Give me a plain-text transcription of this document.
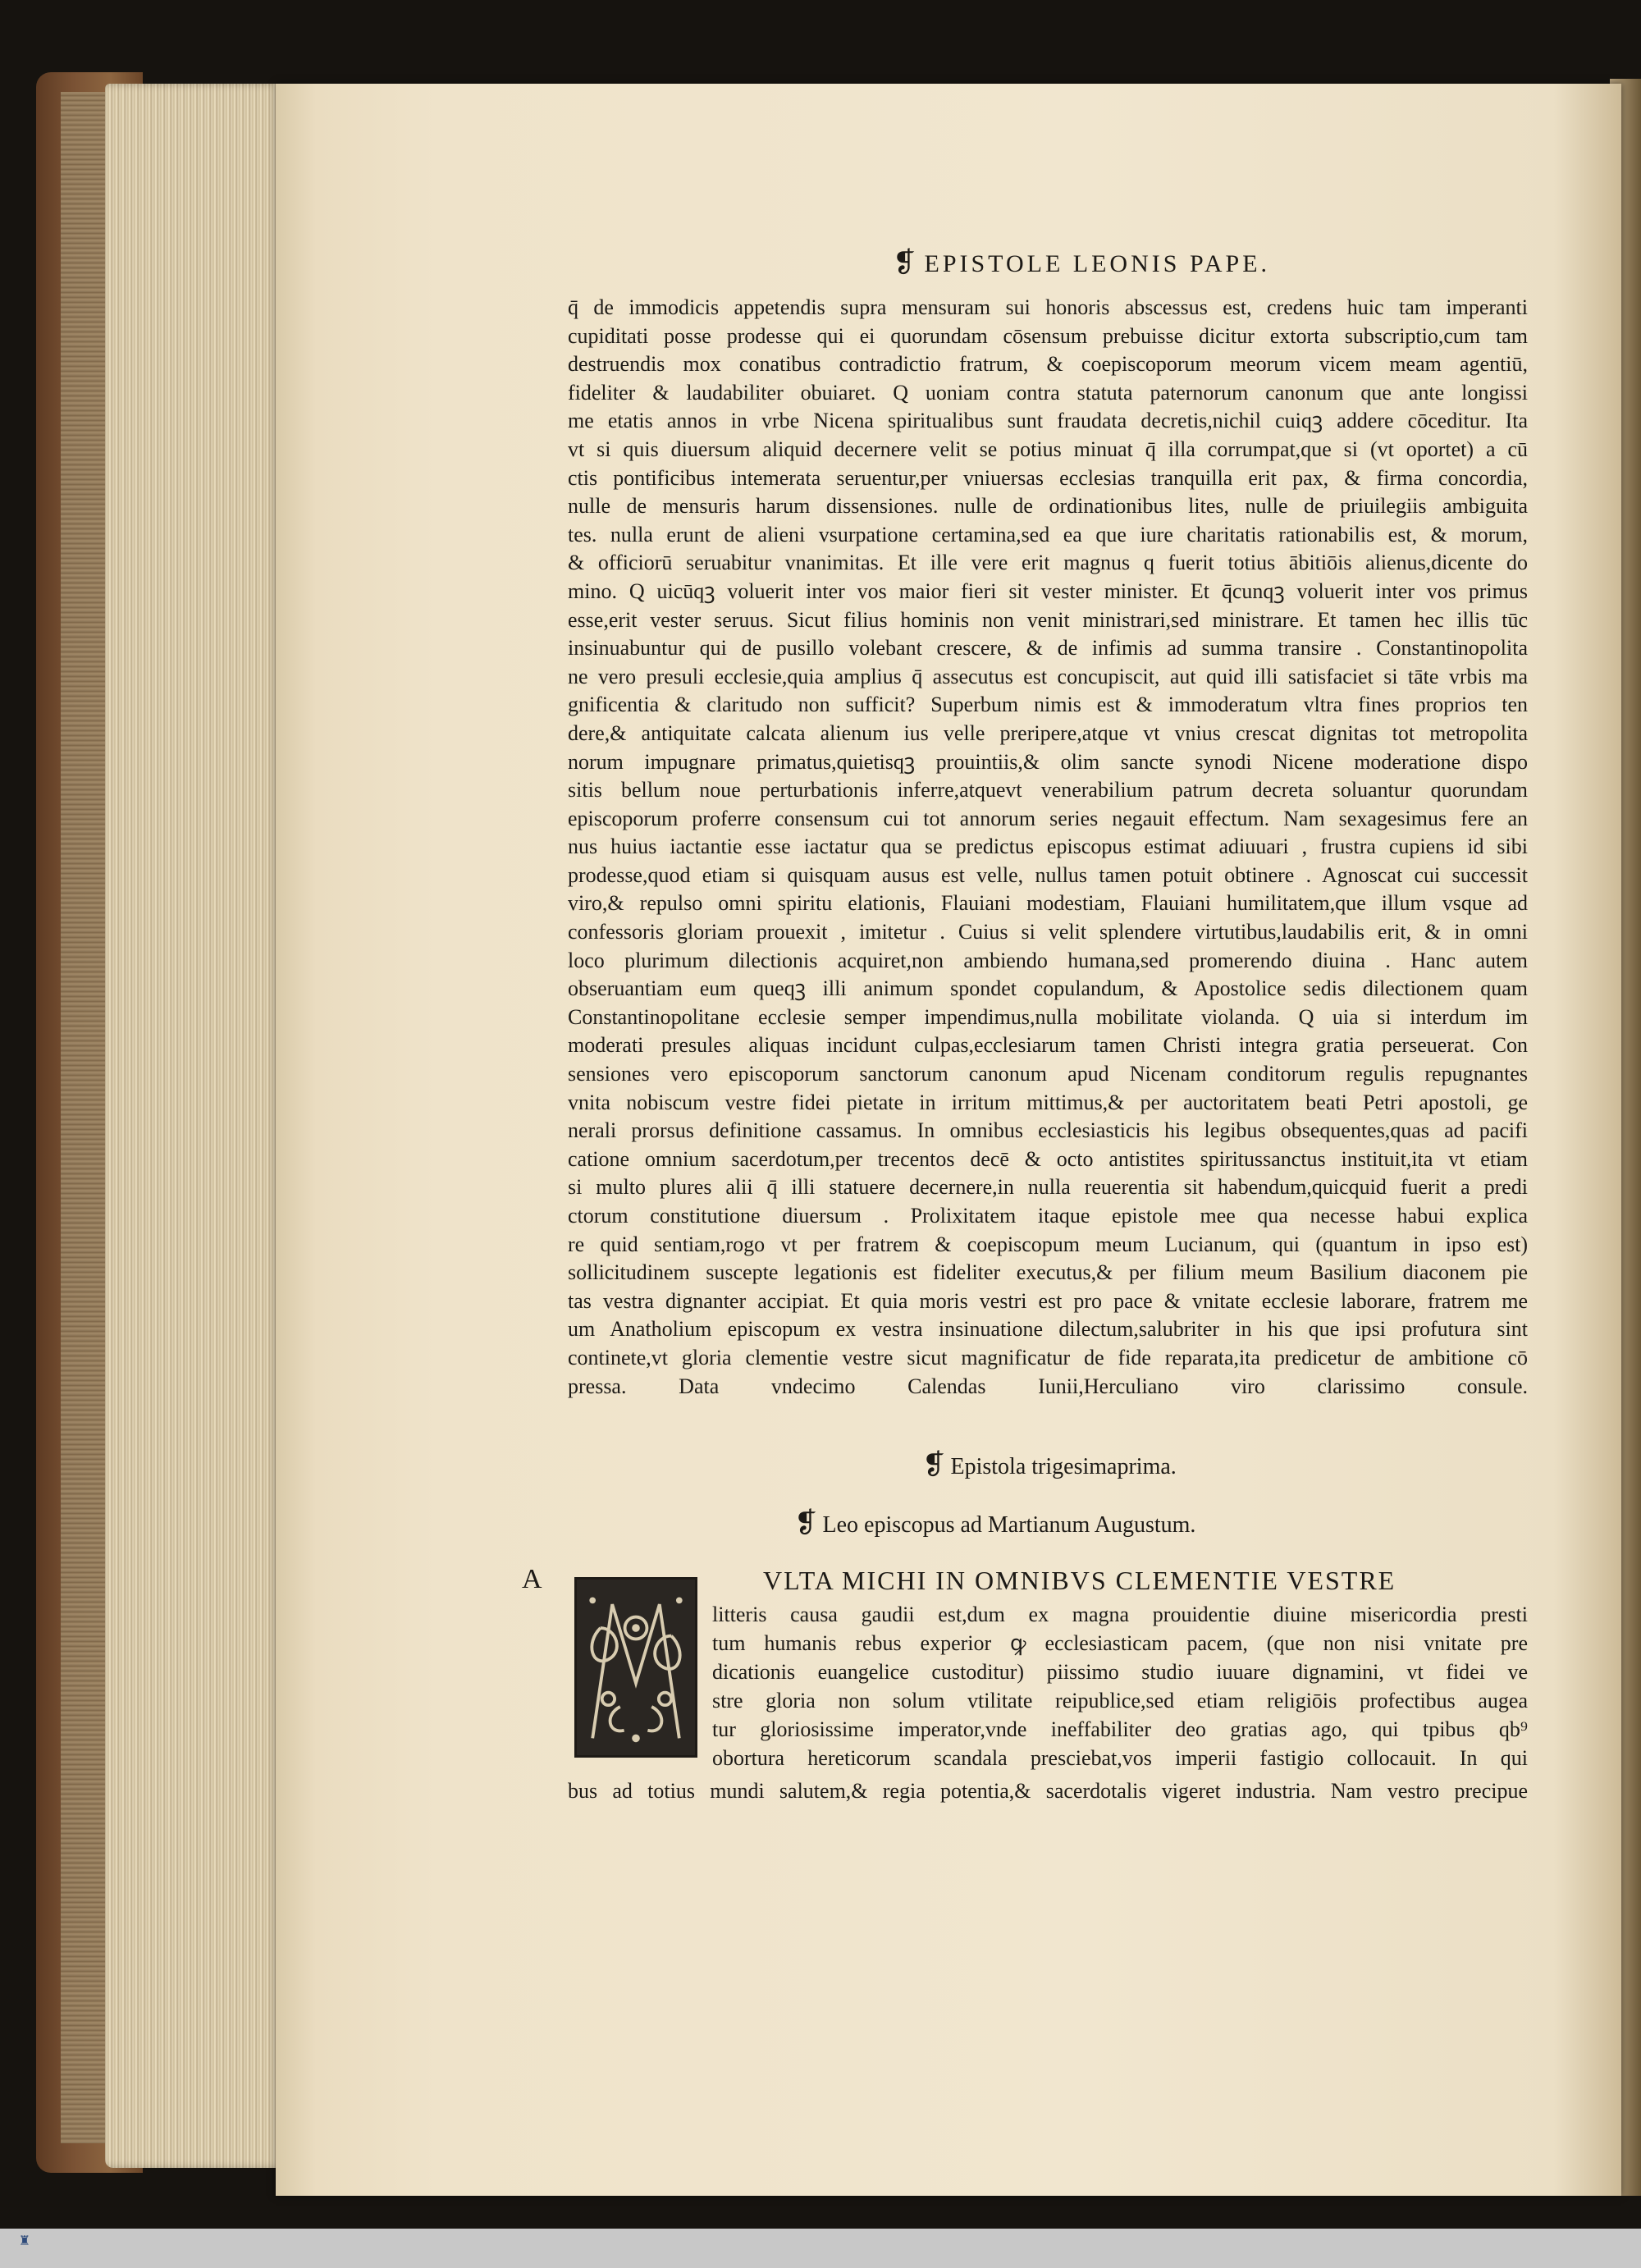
❡ EPISTOLE LEONIS PAPE.
q̄ de immodicis appetendis supra mensuram sui honoris abscessus est, credens huic tam imperanti
cupiditati posse prodesse qui ei quorundam cōsensum prebuisse dicitur extorta subscriptio,cum tam
destruendis mox conatibus contradictio fratrum, & coepiscoporum meorum vicem meam agentiū,
fideliter & laudabiliter obuiaret. Q uoniam contra statuta paternorum canonum que ante longissi
me etatis annos in vrbe Nicena spiritualibus sunt fraudata decretis,nichil cuiqꝫ addere cōceditur. Ita
vt si quis diuersum aliquid decernere velit se potius minuat q̄ illa corrumpat,que si (vt oportet) a cū
ctis pontificibus intemerata seruentur,per vniuersas ecclesias tranquilla erit pax, & firma concordia,
nulle de mensuris harum dissensiones. nulle de ordinationibus lites, nulle de priuilegiis ambiguita
tes. nulla erunt de alieni vsurpatione certamina,sed ea que iure charitatis rationabilis est, & morum,
& officiorū seruabitur vnanimitas. Et ille vere erit magnus q fuerit totius ābitiōis alienus,dicente do
mino. Q uicūqꝫ voluerit inter vos maior fieri sit vester minister. Et q̄cunqꝫ voluerit inter vos primus
esse,erit vester seruus. Sicut filius hominis non venit ministrari,sed ministrare. Et tamen hec illis tūc
insinuabuntur qui de pusillo volebant crescere, & de infimis ad summa transire . Constantinopolita
ne vero presuli ecclesie,quia amplius q̄ assecutus est concupiscit, aut quid illi satisfaciet si tāte vrbis ma
gnificentia & claritudo non sufficit? Superbum nimis est & immoderatum vltra fines proprios ten
dere,& antiquitate calcata alienum ius velle preripere,atque vt vnius crescat dignitas tot metropolita
norum impugnare primatus,quietisqꝫ prouintiis,& olim sancte synodi Nicene moderatione dispo
sitis bellum noue perturbationis inferre,atquevt venerabilium patrum decreta soluantur quorundam
episcoporum proferre consensum cui tot annorum series negauit effectum. Nam sexagesimus fere an
nus huius iactantie esse iactatur qua se predictus episcopus estimat adiuuari , frustra cupiens id sibi
prodesse,quod etiam si quisquam ausus est velle, nullus tamen potuit obtinere . Agnoscat cui successit
viro,& repulso omni spiritu elationis, Flauiani modestiam, Flauiani humilitatem,que illum vsque ad
confessoris gloriam prouexit , imitetur . Cuius si velit splendere virtutibus,laudabilis erit, & in omni
loco plurimum dilectionis acquiret,non ambiendo humana,sed promerendo diuina . Hanc autem
obseruantiam eum queqꝫ illi animum spondet copulandum, & Apostolice sedis dilectionem quam
Constantinopolitane ecclesie semper impendimus,nulla mobilitate violanda. Q uia si interdum im
moderati presules aliquas incidunt culpas,ecclesiarum tamen Christi integra gratia perseuerat. Con
sensiones vero episcoporum sanctorum canonum apud Nicenam conditorum regulis repugnantes
vnita nobiscum vestre fidei pietate in irritum mittimus,& per auctoritatem beati Petri apostoli, ge
nerali prorsus definitione cassamus. In omnibus ecclesiasticis his legibus obsequentes,quas ad pacifi
catione omnium sacerdotum,per trecentos decē & octo antistites spiritussanctus instituit,ita vt etiam
si multo plures alii q̄ illi statuere decernere,in nulla reuerentia sit habendum,quicquid fuerit a predi
ctorum constitutione diuersum . Prolixitatem itaque epistole mee qua necesse habui explica
re quid sentiam,rogo vt per fratrem & coepiscopum meum Lucianum, qui (quantum in ipso est)
sollicitudinem suscepte legationis est fideliter executus,& per filium meum Basilium diaconem pie
tas vestra dignanter accipiat. Et quia moris vestri est pro pace & vnitate ecclesie laborare, fratrem me
um Anatholium episcopum ex vestra insinuatione dilectum,salubriter in his que ipsi profutura sint
continete,vt gloria clementie vestre sicut magnificatur de fide reparata,ita predicetur de ambitione cō
pressa. Data vndecimo Calendas Iunii,Herculiano viro clarissimo consule.
❡ Epistola trigesimaprima.
❡ Leo episcopus ad Martianum Augustum.
A	VLTA MICHI IN OMNIBVS CLEMENTIE VESTRE
litteris causa gaudii est,dum ex magna prouidentie diuine misericordia presti
tum humanis rebus experior ꝙ ecclesiasticam pacem, (que non nisi vnitate pre
dicationis euangelice custoditur) piissimo studio iuuare dignamini, vt fidei ve
stre gloria non solum vtilitate reipublice,sed etiam religiōis profectibus augea
tur gloriosissime imperator,vnde ineffabiliter deo gratias ago, qui tpibus qb⁹
obortura hereticorum scandala presciebat,vos imperii fastigio collocauit. In qui
bus ad totius mundi salutem,& regia potentia,& sacerdotalis vigeret industria. Nam vestro precipue
♜
